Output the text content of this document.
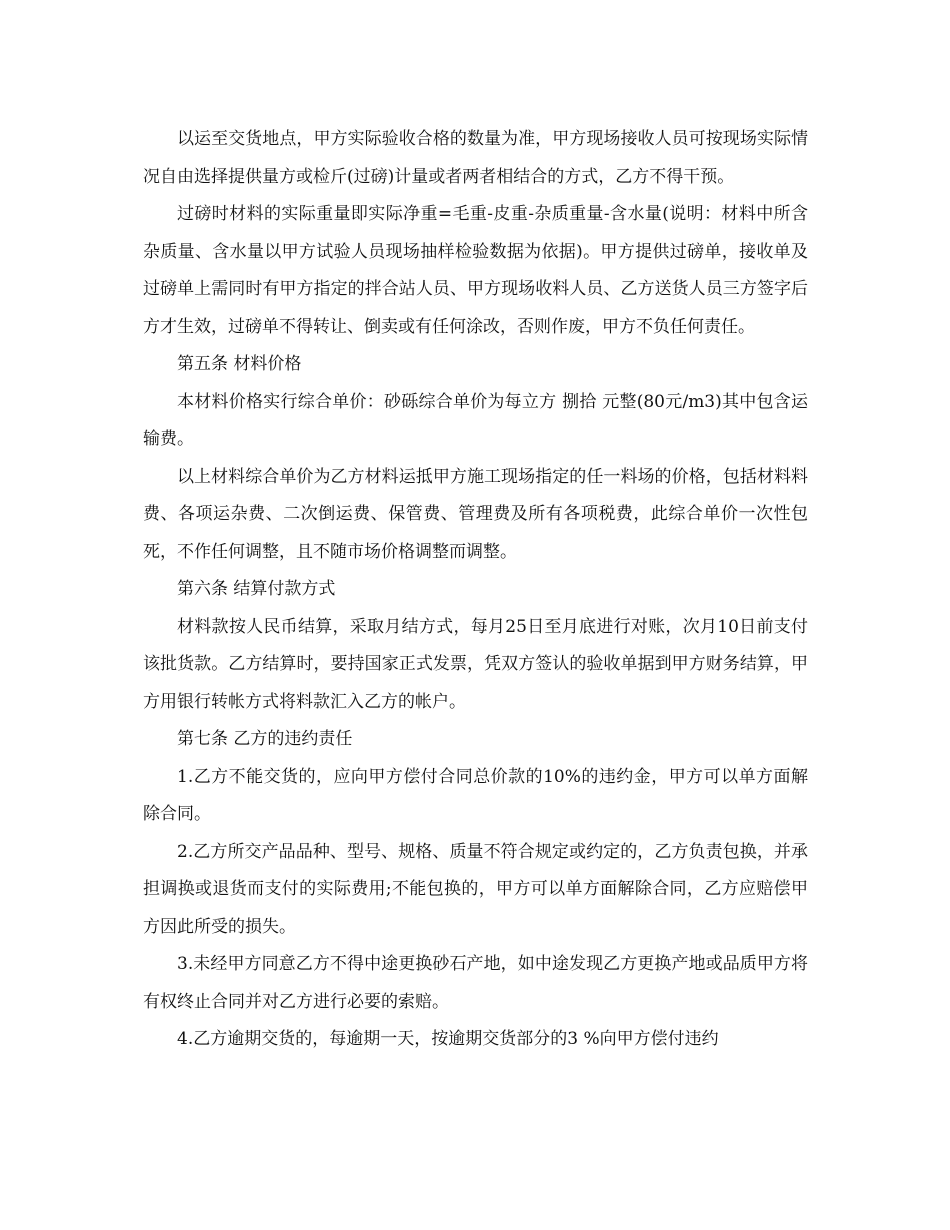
以运至交货地点，甲方实际验收合格的数量为准，甲方现场接收人员可按现场实际情况自由选择提供量方或检斤(过磅)计量或者两者相结合的方式，乙方不得干预。

过磅时材料的实际重量即实际净重=毛重-皮重-杂质重量-含水量(说明：材料中所含杂质量、含水量以甲方试验人员现场抽样检验数据为依据)。甲方提供过磅单，接收单及过磅单上需同时有甲方指定的拌合站人员、甲方现场收料人员、乙方送货人员三方签字后方才生效，过磅单不得转让、倒卖或有任何涂改，否则作废，甲方不负任何责任。

第五条 材料价格

本材料价格实行综合单价：砂砾综合单价为每立方 捌拾 元整(80元/m3)其中包含运输费。

以上材料综合单价为乙方材料运抵甲方施工现场指定的任一料场的价格，包括材料料费、各项运杂费、二次倒运费、保管费、管理费及所有各项税费，此综合单价一次性包死，不作任何调整，且不随市场价格调整而调整。

第六条 结算付款方式

材料款按人民币结算，采取月结方式，每月25日至月底进行对账，次月10日前支付该批货款。乙方结算时，要持国家正式发票，凭双方签认的验收单据到甲方财务结算，甲方用银行转帐方式将料款汇入乙方的帐户。

第七条 乙方的违约责任

1.乙方不能交货的，应向甲方偿付合同总价款的10%的违约金，甲方可以单方面解除合同。

2.乙方所交产品品种、型号、规格、质量不符合规定或约定的，乙方负责包换，并承担调换或退货而支付的实际费用;不能包换的，甲方可以单方面解除合同，乙方应赔偿甲方因此所受的损失。

3.未经甲方同意乙方不得中途更换砂石产地，如中途发现乙方更换产地或品质甲方将有权终止合同并对乙方进行必要的索赔。

4.乙方逾期交货的，每逾期一天，按逾期交货部分的3 %向甲方偿付违约
